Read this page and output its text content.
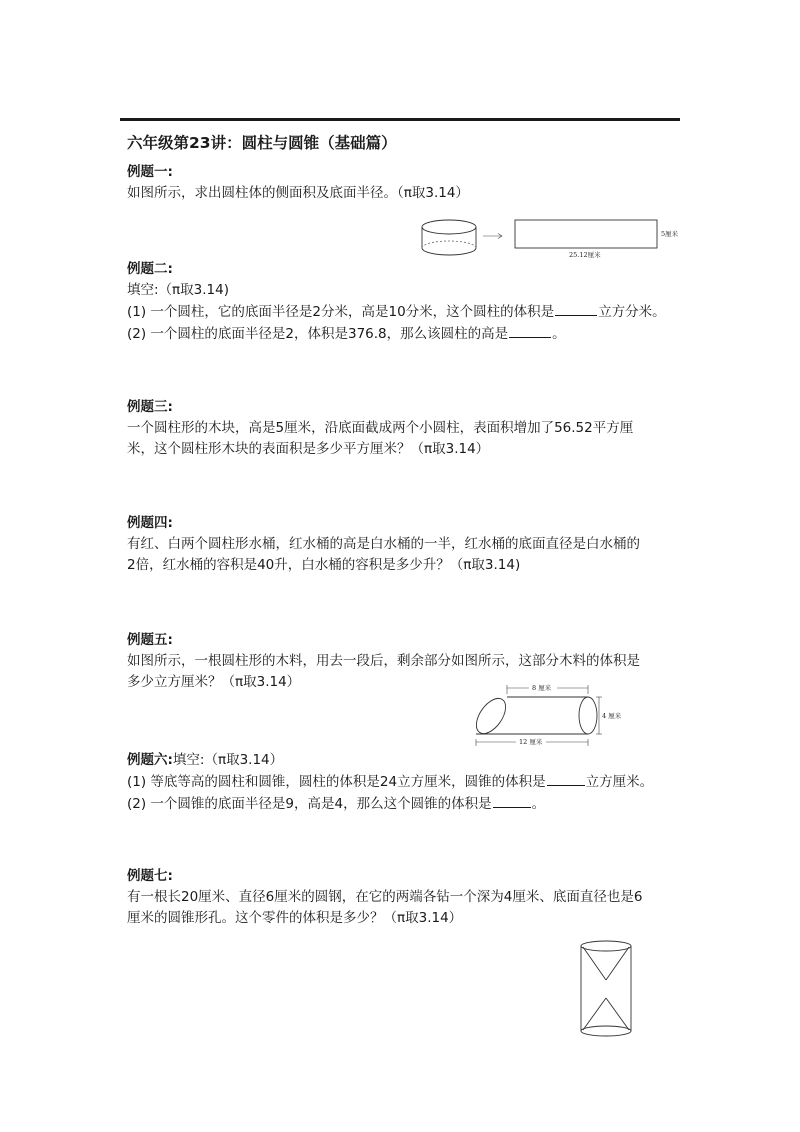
六年级第23讲：圆柱与圆锥（基础篇）
例题一:
如图所示，求出圆柱体的侧面积及底面半径。（π取3.14）
5厘米
25.12厘米
例题二:
填空:（π取3.14)
(1) 一个圆柱，它的底面半径是2分米，高是10分米，这个圆柱的体积是	立方分米。
(2) 一个圆柱的底面半径是2，体积是376.8，那么该圆柱的高是	。
例题三:
一个圆柱形的木块，高是5厘米，沿底面截成两个小圆柱，表面积增加了56.52平方厘
米，这个圆柱形木块的表面积是多少平方厘米？（π取3.14）
例题四:
有红、白两个圆柱形水桶，红水桶的高是白水桶的一半，红水桶的底面直径是白水桶的
2倍，红水桶的容积是40升，白水桶的容积是多少升？（π取3.14)
例题五:
如图所示，一根圆柱形的木料，用去一段后，剩余部分如图所示，这部分木料的体积是
多少立方厘米？（π取3.14）	8 厘米
4 厘米
12 厘米
例题六:填空:（π取3.14）
(1) 等底等高的圆柱和圆锥，圆柱的体积是24立方厘米，圆锥的体积是	立方厘米。
(2) 一个圆锥的底面半径是9，高是4，那么这个圆锥的体积是	。
例题七:
有一根长20厘米、直径6厘米的圆钢，在它的两端各钻一个深为4厘米、底面直径也是6
厘米的圆锥形孔。这个零件的体积是多少？（π取3.14）
